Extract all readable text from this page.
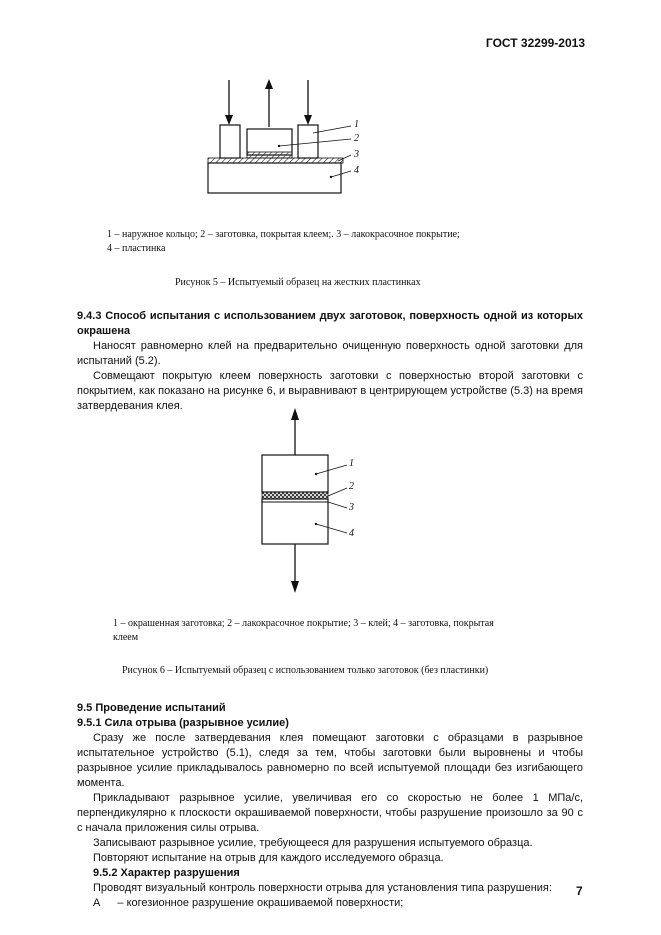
ГОСТ 32299-2013
1
2
3
4
1 – наружное кольцо; 2 – заготовка, покрытая клеем;. 3 – лакокрасочное покрытие;
4 – пластинка
Рисунок 5 – Испытуемый образец на жестких пластинках
9.4.3 Способ испытания с использованием двух заготовок, поверхность одной из которых окрашена
Наносят равномерно клей на предварительно очищенную поверхность одной заготовки для испытаний (5.2).
Совмещают покрытую клеем поверхность заготовки с поверхностью второй заготовки с покрытием, как показано на рисунке 6, и выравнивают в центрирующем устройстве (5.3) на время затвердевания клея.
1
2
3
4
1 – окрашенная заготовка; 2 – лакокрасочное покрытие; 3 – клей; 4 – заготовка, покрытая
клеем
Рисунок 6 – Испытуемый образец с использованием только заготовок (без пластинки)
9.5 Проведение испытаний
9.5.1 Сила отрыва (разрывное усилие)
Сразу же после затвердевания клея помещают заготовки с образцами в разрывное испытательное устройство (5.1), следя за тем, чтобы заготовки были выровнены и чтобы разрывное усилие прикладывалось равномерно по всей испытуемой площади без изгибающего момента.
Прикладывают разрывное усилие, увеличивая его со скоростью не более 1 МПа/с, перпендикулярно к плоскости окрашиваемой поверхности, чтобы разрушение произошло за 90 с с начала приложения силы отрыва.
Записывают разрывное усилие, требующееся для разрушения испытуемого образца.
Повторяют испытание на отрыв для каждого исследуемого образца.
9.5.2 Характер разрушения
Проводят визуальный контроль поверхности отрыва для установления типа разрушения:
А – когезионное разрушение окрашиваемой поверхности;
7
